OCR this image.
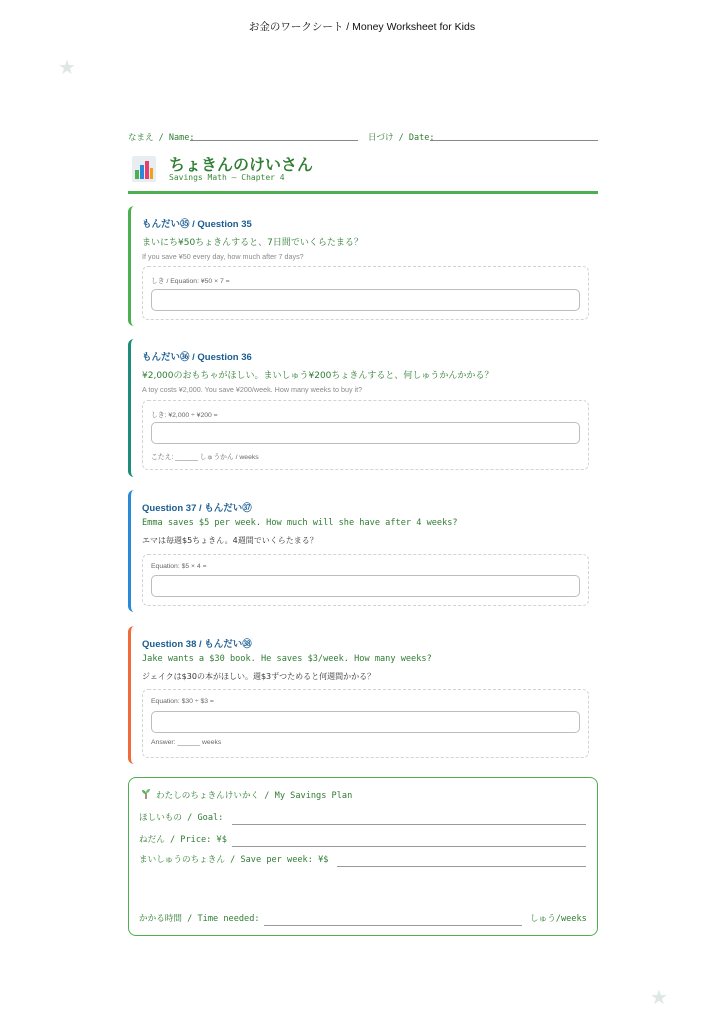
お金のワークシート / Money Worksheet for Kids
★
★
なまえ / Name:	日づけ / Date:
ちょきんのけいさん
Savings Math — Chapter 4
もんだい㉟ / Question 35
まいにち¥50ちょきんすると、7日間でいくらたまる？
If you save ¥50 every day, how much after 7 days?
しき / Equation: ¥50 × 7 =
もんだい㊱ / Question 36
¥2,000のおもちゃがほしい。まいしゅう¥200ちょきんすると、何しゅうかんかかる？
A toy costs ¥2,000. You save ¥200/week. How many weeks to buy it?
しき: ¥2,000 ÷ ¥200 =
こたえ: ______ しゅうかん / weeks
Question 37 / もんだい㊲
Emma saves $5 per week. How much will she have after 4 weeks?
エマは毎週$5ちょきん。4週間でいくらたまる？
Equation: $5 × 4 =
Question 38 / もんだい㊳
Jake wants a $30 book. He saves $3/week. How many weeks?
ジェイクは$30の本がほしい。週$3ずつためると何週間かかる？
Equation: $30 ÷ $3 =
Answer: ______ weeks
わたしのちょきんけいかく / My Savings Plan
ほしいもの / Goal:
ねだん / Price: ¥$
まいしゅうのちょきん / Save per week: ¥$
かかる時間 / Time needed:	しゅう/weeks
